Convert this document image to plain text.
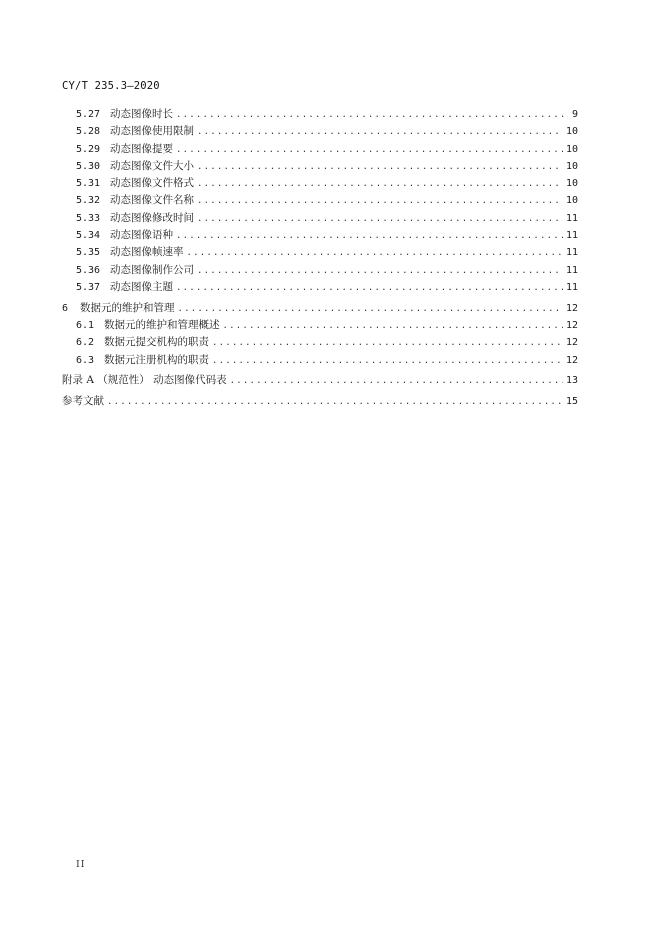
CY/T 235.3—2020
5.27 动态图像时长 .....	9
5.28 动态图像使用限制 .....	10
5.29 动态图像提要 .....	10
5.30 动态图像文件大小 .....	10
5.31 动态图像文件格式 .....	10
5.32 动态图像文件名称 .....	10
5.33 动态图像修改时间 .....	11
5.34 动态图像语种 .....	11
5.35 动态图像帧速率 .....	11
5.36 动态图像制作公司 .....	11
5.37 动态图像主题 .....	11
6	数据元的维护和管理 .....	12
6.1 数据元的维护和管理概述 .....	12
6.2 数据元提交机构的职责 .....	12
6.3 数据元注册机构的职责 .....	12
附录 A （规范性） 动态图像代码表 .....	13
参考文献 .....	15
II
